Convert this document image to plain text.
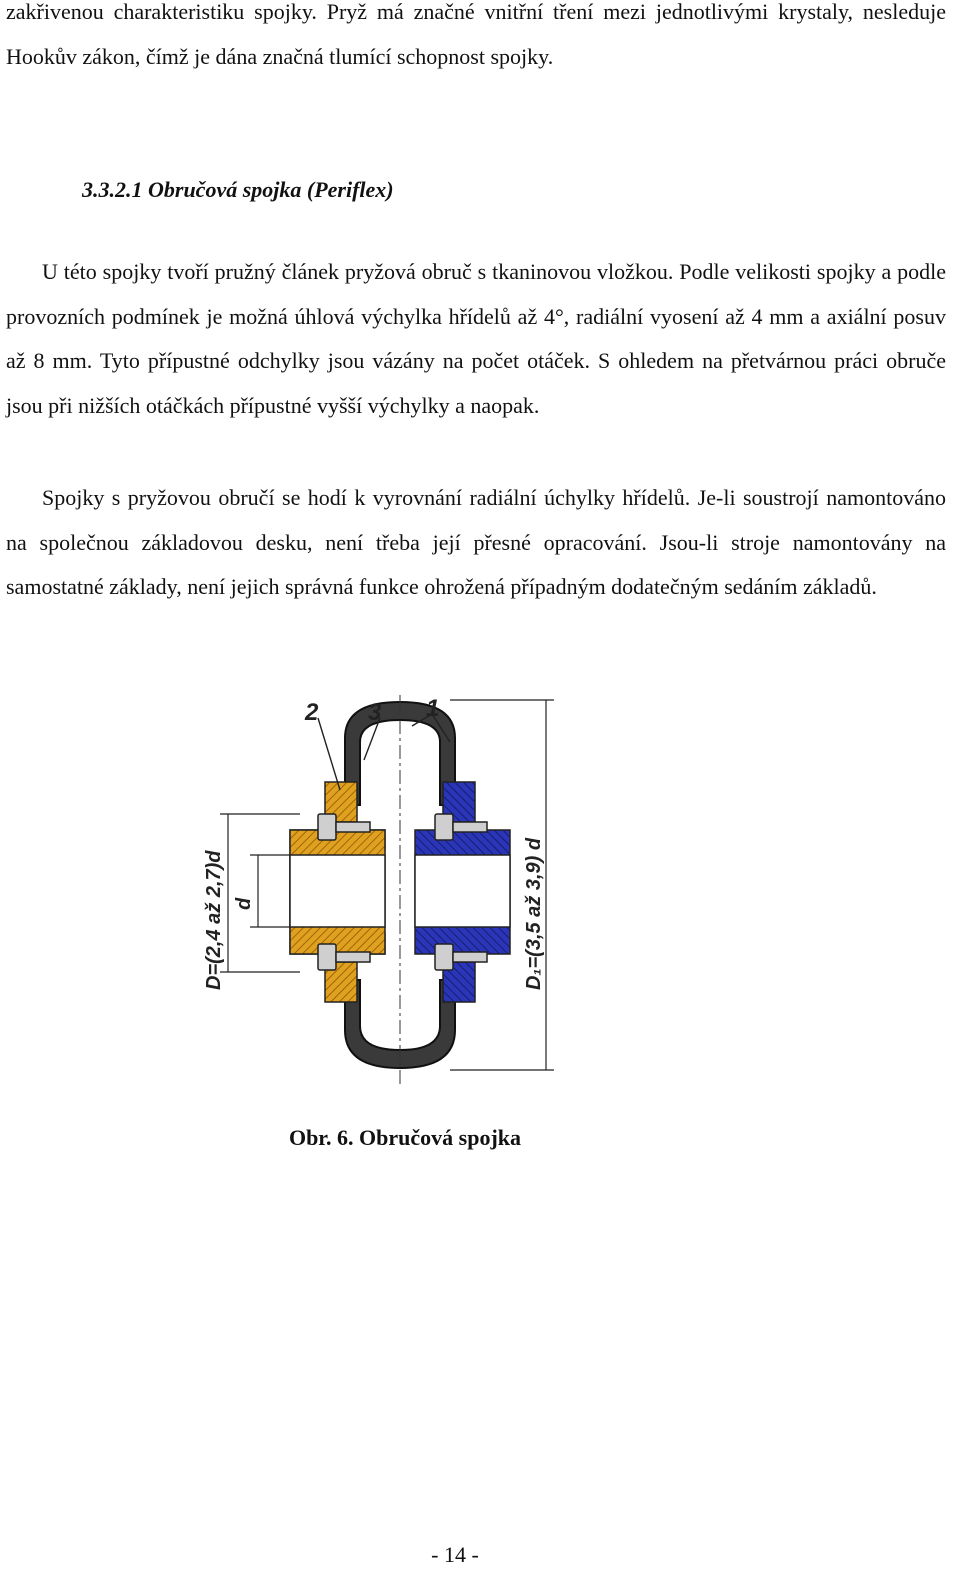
zakřivenou charakteristiku spojky. Pryž má značné vnitřní tření mezi jednotlivými krystaly, nesleduje Hookův zákon, čímž je dána značná tlumící schopnost spojky.

3.3.2.1 Obručová spojka (Periflex)

U této spojky tvoří pružný článek pryžová obruč s tkaninovou vložkou. Podle velikosti spojky a podle provozních podmínek je možná úhlová výchylka hřídelů až 4°, radiální vyosení až 4 mm a axiální posuv až 8 mm. Tyto přípustné odchylky jsou vázány na počet otáček. S ohledem na přetvárnou práci obruče jsou při nižších otáčkách přípustné vyšší výchylky a naopak.

Spojky s pryžovou obručí se hodí k vyrovnání radiální úchylky hřídelů. Je-li soustrojí namontováno na společnou základovou desku, není třeba její přesné opracování. Jsou-li stroje namontovány na samostatné základy, není jejich správná funkce ohrožená případným dodatečným sedáním základů.

2 3 1
D=(2,4 až 2,7)d d	D₁=(3,5 až 3,9) d

Obr. 6. Obručová spojka

- 14 -
